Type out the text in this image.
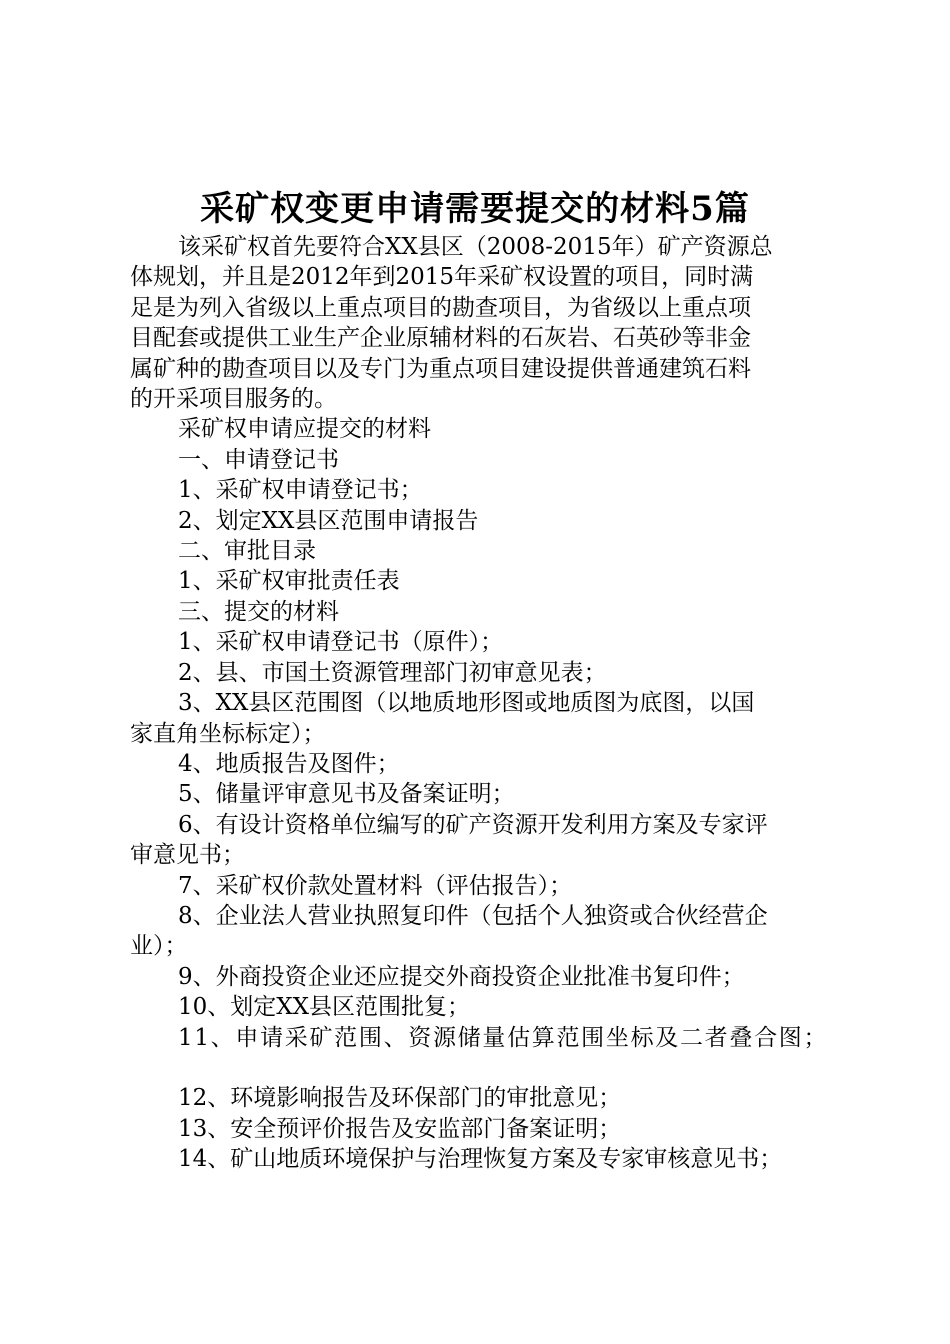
采矿权变更申请需要提交的材料5篇

该采矿权首先要符合XX县区（2008-2015年）矿产资源总

体规划，并且是2012年到2015年采矿权设置的项目，同时满

足是为列入省级以上重点项目的勘查项目，为省级以上重点项

目配套或提供工业生产企业原辅材料的石灰岩、石英砂等非金

属矿种的勘查项目以及专门为重点项目建设提供普通建筑石料

的开采项目服务的。

采矿权申请应提交的材料

一、申请登记书

1、采矿权申请登记书；

2、划定XX县区范围申请报告

二、审批目录

1、采矿权审批责任表

三、提交的材料

1、采矿权申请登记书（原件）；

2、县、市国土资源管理部门初审意见表；

3、XX县区范围图（以地质地形图或地质图为底图，以国

家直角坐标标定）；

4、地质报告及图件；

5、储量评审意见书及备案证明；

6、有设计资格单位编写的矿产资源开发利用方案及专家评

审意见书；

7、采矿权价款处置材料（评估报告）；

8、企业法人营业执照复印件（包括个人独资或合伙经营企

业）；

9、外商投资企业还应提交外商投资企业批准书复印件；

10、划定XX县区范围批复；

11、申请采矿范围、资源储量估算范围坐标及二者叠合图；

12、环境影响报告及环保部门的审批意见；

13、安全预评价报告及安监部门备案证明；

14、矿山地质环境保护与治理恢复方案及专家审核意见书；
